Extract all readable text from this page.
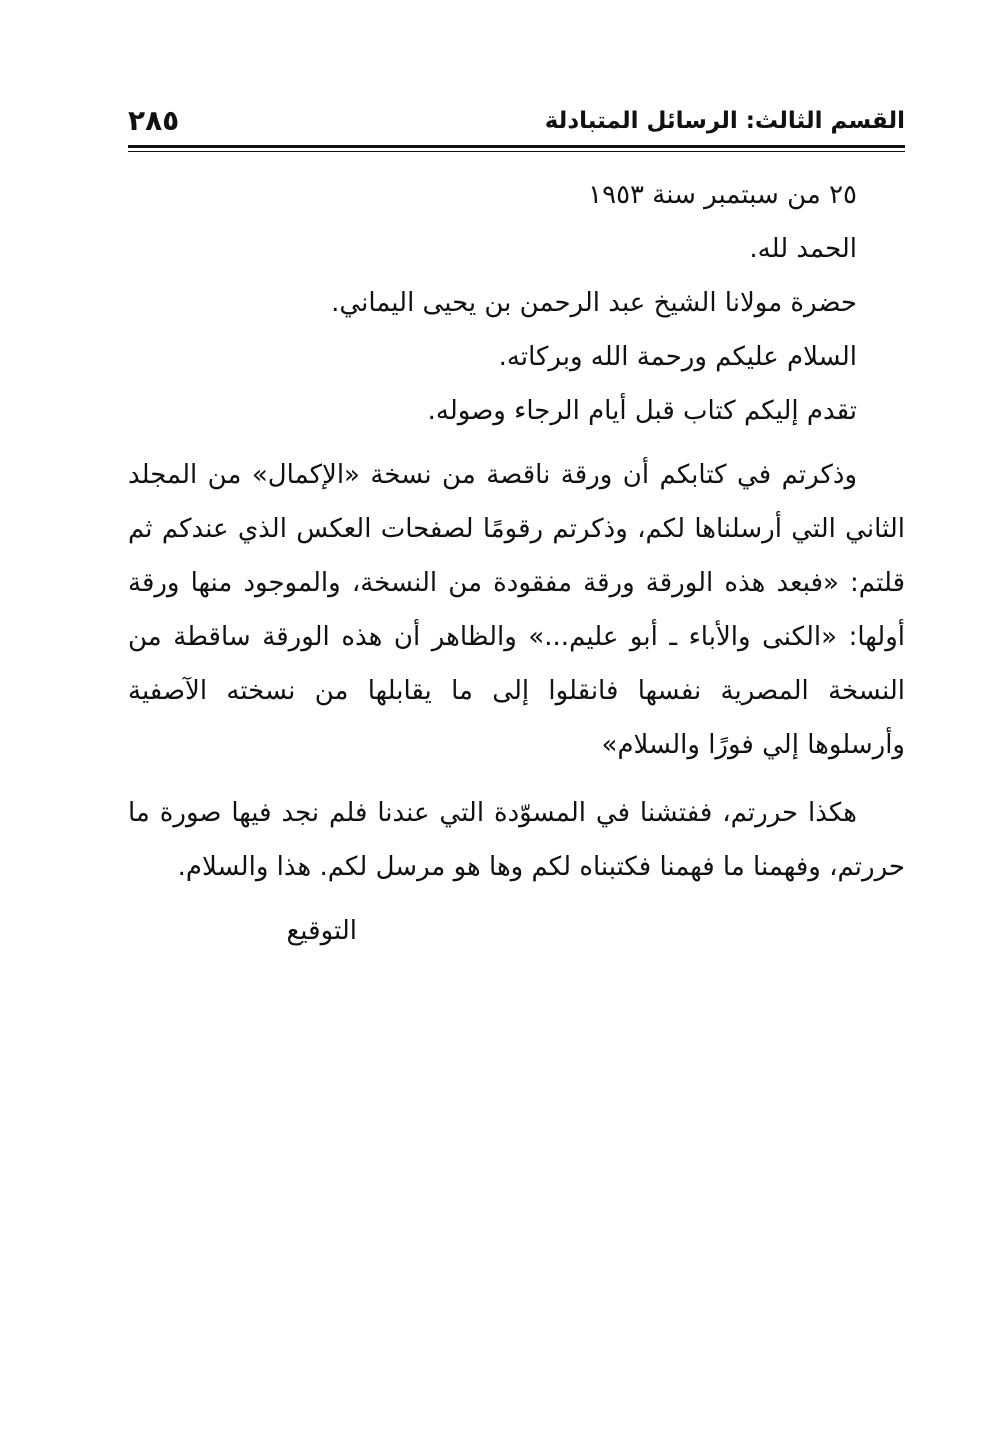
القسم الثالث: الرسائل المتبادلة
٢٨٥

٢٥ من سبتمبر سنة ١٩٥٣

الحمد لله.

حضرة مولانا الشيخ عبد الرحمن بن يحيى اليماني.

السلام عليكم ورحمة الله وبركاته.

تقدم إليكم كتاب قبل أيام الرجاء وصوله.

وذكرتم في كتابكم أن ورقة ناقصة من نسخة «الإكمال» من المجلد الثاني التي أرسلناها لكم، وذكرتم رقومًا لصفحات العكس الذي عندكم ثم قلتم: «فبعد هذه الورقة ورقة مفقودة من النسخة، والموجود منها ورقة أولها: «الكنى والأباء ـ أبو عليم...» والظاهر أن هذه الورقة ساقطة من النسخة المصرية نفسها فانقلوا إلى ما يقابلها من نسخته الآصفية وأرسلوها إلي فورًا والسلام»

هكذا حررتم، ففتشنا في المسوّدة التي عندنا فلم نجد فيها صورة ما حررتم، وفهمنا ما فهمنا فكتبناه لكم وها هو مرسل لكم. هذا والسلام.

التوقيع
